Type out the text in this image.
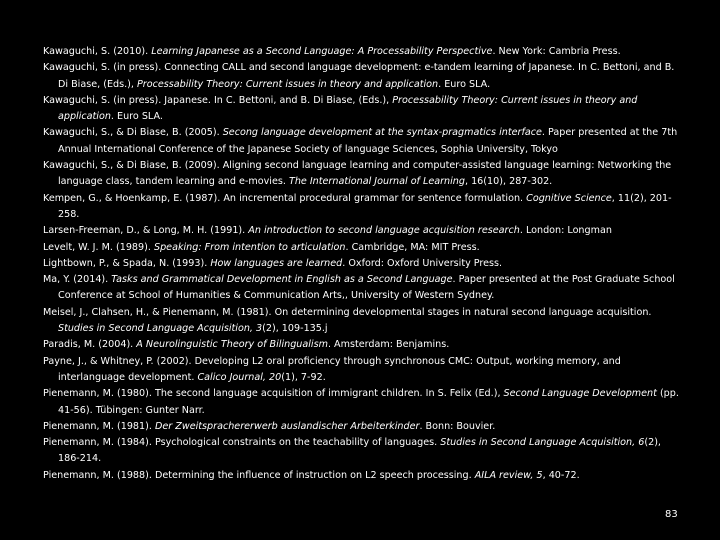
Kawaguchi, S. (2010). Learning Japanese as a Second Language: A Processability Perspective. New York: Cambria Press.
Kawaguchi, S. (in press). Connecting CALL and second language development: e-tandem learning of Japanese. In C. Bettoni, and B. Di Biase, (Eds.), Processability Theory: Current issues in theory and application. Euro SLA.
Kawaguchi, S. (in press). Japanese. In C. Bettoni, and B. Di Biase, (Eds.), Processability Theory: Current issues in theory and application. Euro SLA.
Kawaguchi, S., & Di Biase, B. (2005). Secong language development at the syntax-pragmatics interface. Paper presented at the 7th Annual International Conference of the Japanese Society of language Sciences, Sophia University, Tokyo
Kawaguchi, S., & Di Biase, B. (2009). Aligning second language learning and computer-assisted language learning: Networking the language class, tandem learning and e-movies. The International Journal of Learning, 16(10), 287-302.
Kempen, G., & Hoenkamp, E. (1987). An incremental procedural grammar for sentence formulation. Cognitive Science, 11(2), 201-258.
Larsen-Freeman, D., & Long, M. H. (1991). An introduction to second language acquisition research. London: Longman
Levelt, W. J. M. (1989). Speaking: From intention to articulation. Cambridge, MA: MIT Press.
Lightbown, P., & Spada, N. (1993). How languages are learned. Oxford: Oxford University Press.
Ma, Y. (2014). Tasks and Grammatical Development in English as a Second Language. Paper presented at the Post Graduate School Conference at School of Humanities & Communication Arts,, University of Western Sydney.
Meisel, J., Clahsen, H., & Pienemann, M. (1981). On determining developmental stages in natural second language acquisition. Studies in Second Language Acquisition, 3(2), 109-135.j
Paradis, M. (2004). A Neurolinguistic Theory of Bilingualism. Amsterdam: Benjamins.
Payne, J., & Whitney, P. (2002). Developing L2 oral proficiency through synchronous CMC: Output, working memory, and interlanguage development. Calico Journal, 20(1), 7-92.
Pienemann, M. (1980). The second language acquisition of immigrant children. In S. Felix (Ed.), Second Language Development (pp. 41-56). Tübingen: Gunter Narr.
Pienemann, M. (1981). Der Zweitsprachererwerb auslandischer Arbeiterkinder. Bonn: Bouvier.
Pienemann, M. (1984). Psychological constraints on the teachability of languages. Studies in Second Language Acquisition, 6(2), 186-214.
Pienemann, M. (1988). Determining the influence of instruction on L2 speech processing. AILA review, 5, 40-72.
83
